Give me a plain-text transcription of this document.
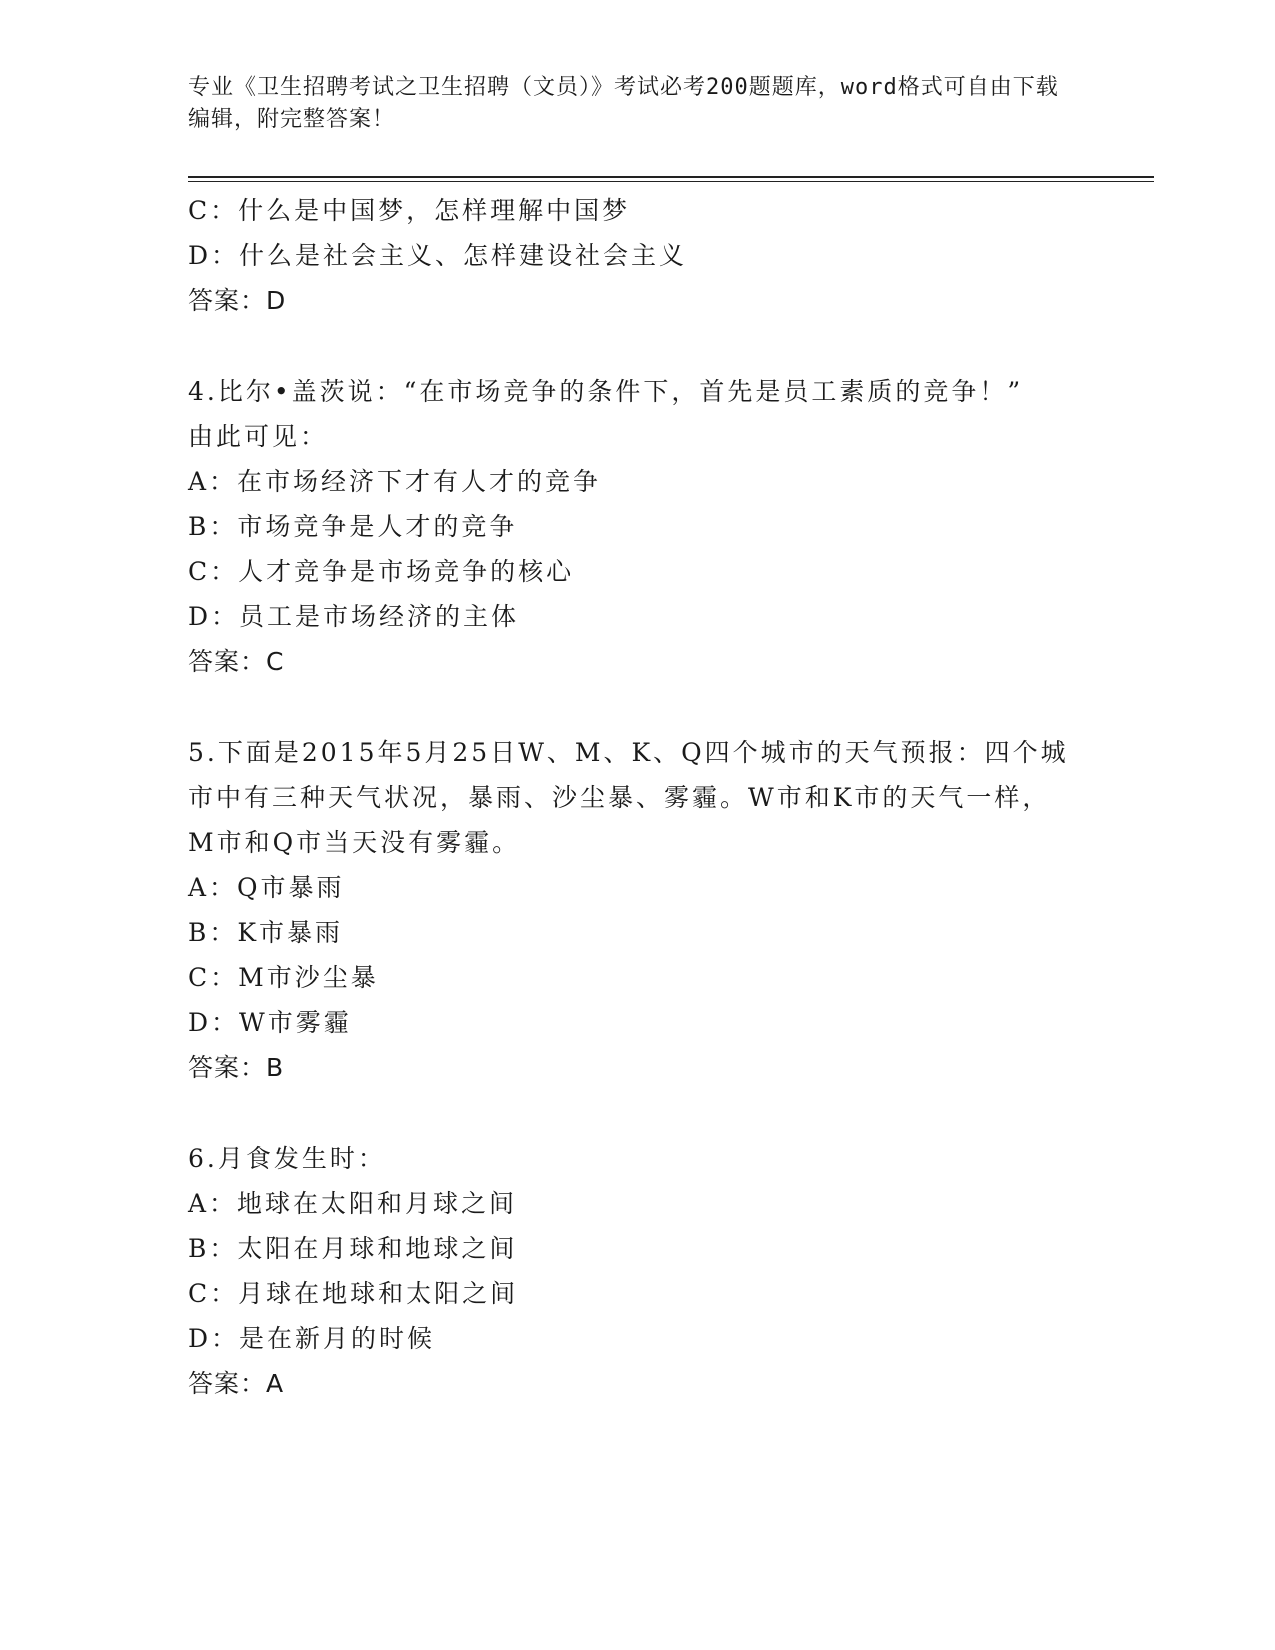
专业《卫生招聘考试之卫生招聘（文员）》考试必考200题题库，word格式可自由下载编辑，附完整答案！
C：什么是中国梦，怎样理解中国梦
D：什么是社会主义、怎样建设社会主义
答案：D
4.比尔•盖茨说：“在市场竞争的条件下，首先是员工素质的竞争！”
由此可见：
A：在市场经济下才有人才的竞争
B：市场竞争是人才的竞争
C：人才竞争是市场竞争的核心
D：员工是市场经济的主体
答案：C
5.下面是2015年5月25日W、M、K、Q四个城市的天气预报：四个城
市中有三种天气状况，暴雨、沙尘暴、雾霾。W市和K市的天气一样，
M市和Q市当天没有雾霾。
A：Q市暴雨
B：K市暴雨
C：M市沙尘暴
D：W市雾霾
答案：B
6.月食发生时：
A：地球在太阳和月球之间
B：太阳在月球和地球之间
C：月球在地球和太阳之间
D：是在新月的时候
答案：A
